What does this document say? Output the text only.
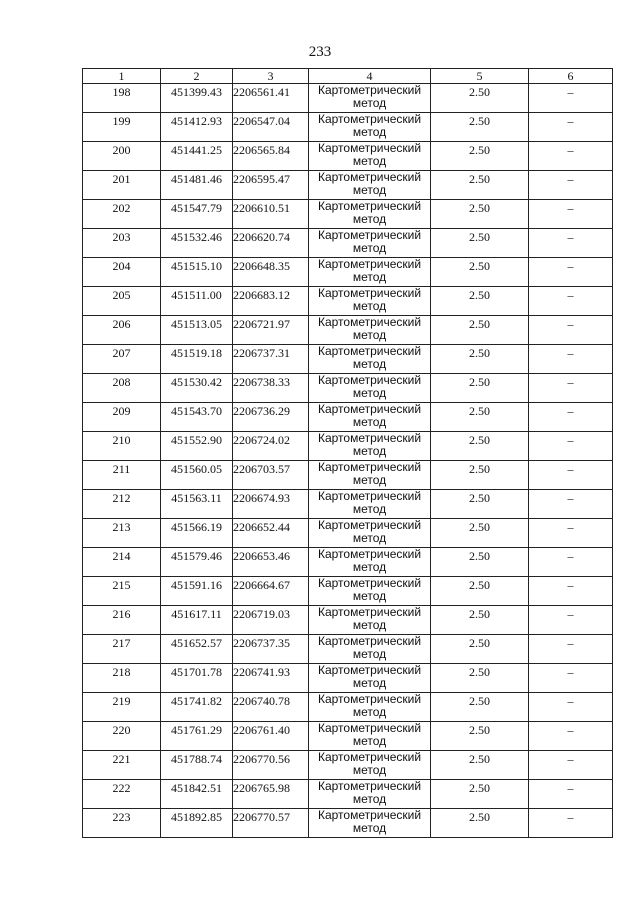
233
1	2	3	4	5	6
198	451399.43	2206561.41	Картометрический метод	2.50	–
199	451412.93	2206547.04	Картометрический метод	2.50	–
200	451441.25	2206565.84	Картометрический метод	2.50	–
201	451481.46	2206595.47	Картометрический метод	2.50	–
202	451547.79	2206610.51	Картометрический метод	2.50	–
203	451532.46	2206620.74	Картометрический метод	2.50	–
204	451515.10	2206648.35	Картометрический метод	2.50	–
205	451511.00	2206683.12	Картометрический метод	2.50	–
206	451513.05	2206721.97	Картометрический метод	2.50	–
207	451519.18	2206737.31	Картометрический метод	2.50	–
208	451530.42	2206738.33	Картометрический метод	2.50	–
209	451543.70	2206736.29	Картометрический метод	2.50	–
210	451552.90	2206724.02	Картометрический метод	2.50	–
211	451560.05	2206703.57	Картометрический метод	2.50	–
212	451563.11	2206674.93	Картометрический метод	2.50	–
213	451566.19	2206652.44	Картометрический метод	2.50	–
214	451579.46	2206653.46	Картометрический метод	2.50	–
215	451591.16	2206664.67	Картометрический метод	2.50	–
216	451617.11	2206719.03	Картометрический метод	2.50	–
217	451652.57	2206737.35	Картометрический метод	2.50	–
218	451701.78	2206741.93	Картометрический метод	2.50	–
219	451741.82	2206740.78	Картометрический метод	2.50	–
220	451761.29	2206761.40	Картометрический метод	2.50	–
221	451788.74	2206770.56	Картометрический метод	2.50	–
222	451842.51	2206765.98	Картометрический метод	2.50	–
223	451892.85	2206770.57	Картометрический метод	2.50	–
